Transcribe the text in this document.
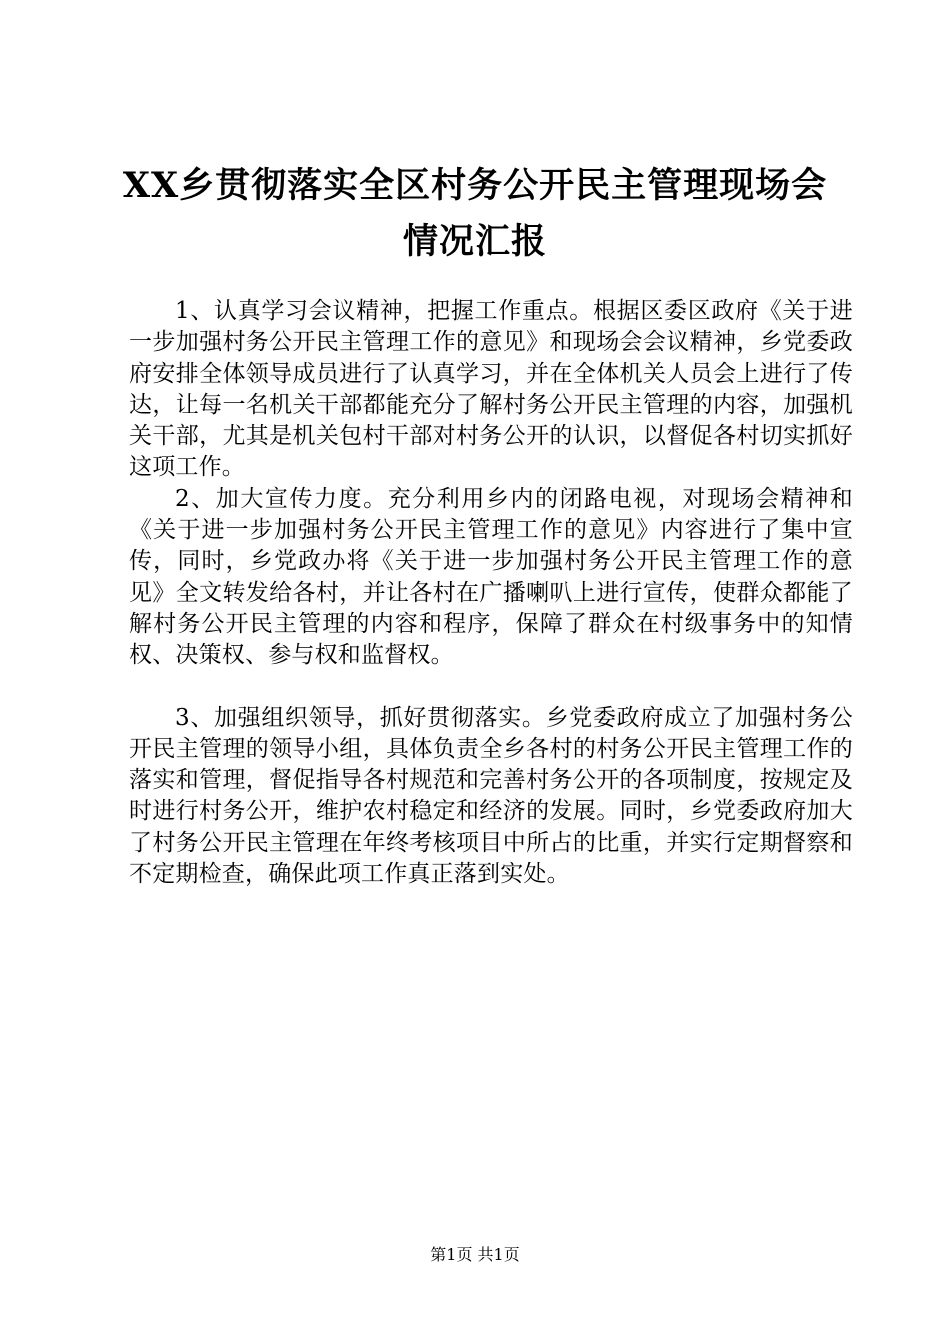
XX乡贯彻落实全区村务公开民主管理现场会情况汇报

1、认真学习会议精神，把握工作重点。根据区委区政府《关于进一步加强村务公开民主管理工作的意见》和现场会会议精神，乡党委政府安排全体领导成员进行了认真学习，并在全体机关人员会上进行了传达，让每一名机关干部都能充分了解村务公开民主管理的内容，加强机关干部，尤其是机关包村干部对村务公开的认识，以督促各村切实抓好这项工作。

2、加大宣传力度。充分利用乡内的闭路电视，对现场会精神和《关于进一步加强村务公开民主管理工作的意见》内容进行了集中宣传，同时，乡党政办将《关于进一步加强村务公开民主管理工作的意见》全文转发给各村，并让各村在广播喇叭上进行宣传，使群众都能了解村务公开民主管理的内容和程序，保障了群众在村级事务中的知情权、决策权、参与权和监督权。

3、加强组织领导，抓好贯彻落实。乡党委政府成立了加强村务公开民主管理的领导小组，具体负责全乡各村的村务公开民主管理工作的落实和管理，督促指导各村规范和完善村务公开的各项制度，按规定及时进行村务公开，维护农村稳定和经济的发展。同时，乡党委政府加大了村务公开民主管理在年终考核项目中所占的比重，并实行定期督察和不定期检查，确保此项工作真正落到实处。

第1页 共1页
